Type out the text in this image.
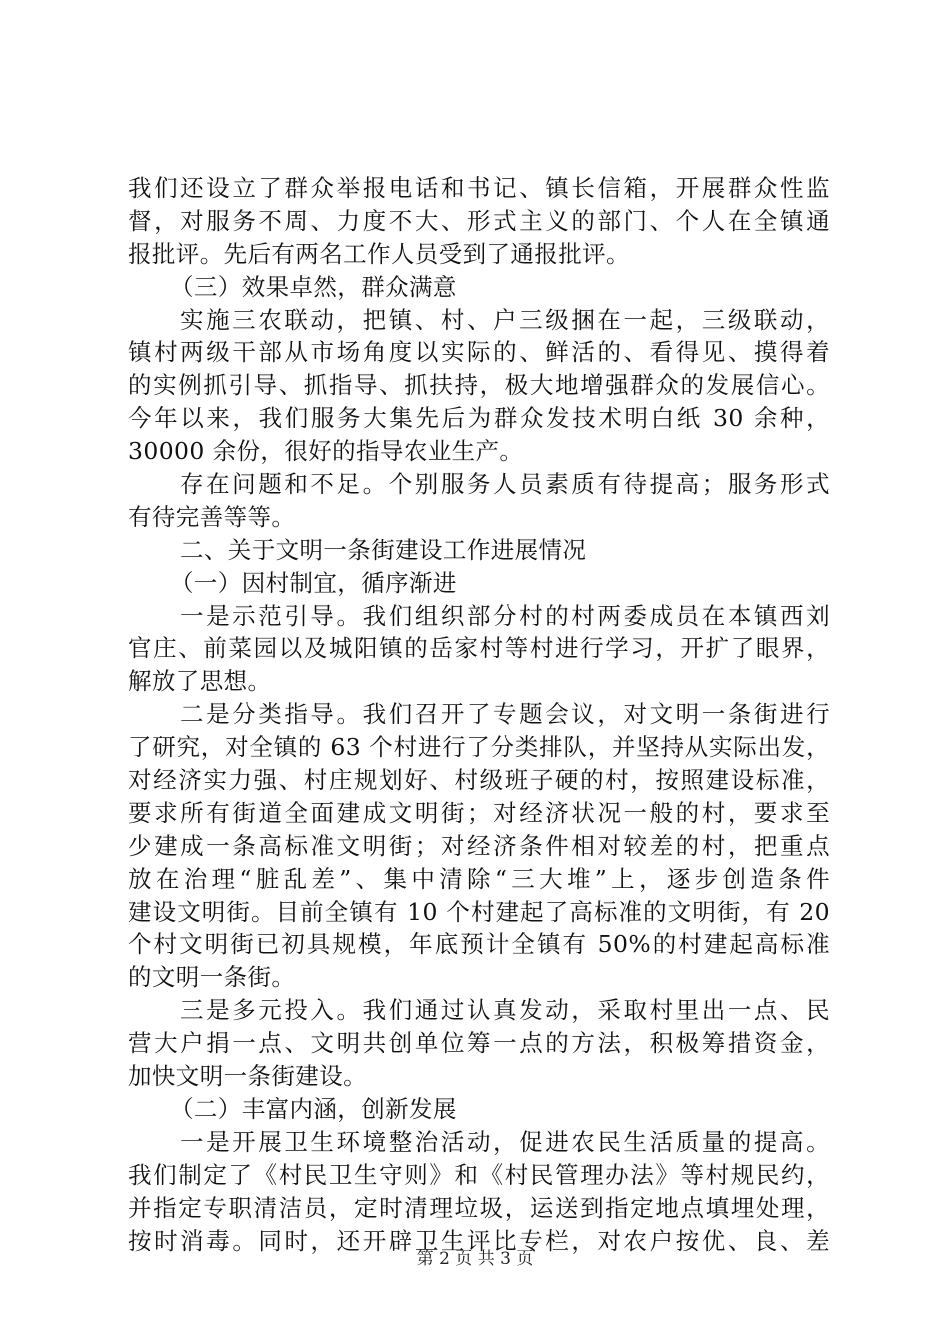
我们还设立了群众举报电话和书记、镇长信箱，开展群众性监
督，对服务不周、力度不大、形式主义的部门、个人在全镇通
报批评。先后有两名工作人员受到了通报批评。
（三）效果卓然，群众满意
实施三农联动，把镇、村、户三级捆在一起，三级联动，
镇村两级干部从市场角度以实际的、鲜活的、看得见、摸得着
的实例抓引导、抓指导、抓扶持，极大地增强群众的发展信心。
今年以来，我们服务大集先后为群众发技术明白纸 30 余种，
30000 余份，很好的指导农业生产。
存在问题和不足。个别服务人员素质有待提高；服务形式
有待完善等等。
二、关于文明一条街建设工作进展情况
（一）因村制宜，循序渐进
一是示范引导。我们组织部分村的村两委成员在本镇西刘
官庄、前菜园以及城阳镇的岳家村等村进行学习，开扩了眼界，
解放了思想。
二是分类指导。我们召开了专题会议，对文明一条街进行
了研究，对全镇的 63 个村进行了分类排队，并坚持从实际出发，
对经济实力强、村庄规划好、村级班子硬的村，按照建设标准，
要求所有街道全面建成文明街；对经济状况一般的村，要求至
少建成一条高标准文明街；对经济条件相对较差的村，把重点
放在治理“脏乱差”、集中清除“三大堆”上，逐步创造条件
建设文明街。目前全镇有 10 个村建起了高标准的文明街，有 20
个村文明街已初具规模，年底预计全镇有 50%的村建起高标准
的文明一条街。
三是多元投入。我们通过认真发动，采取村里出一点、民
营大户捐一点、文明共创单位筹一点的方法，积极筹措资金，
加快文明一条街建设。
（二）丰富内涵，创新发展
一是开展卫生环境整治活动，促进农民生活质量的提高。
我们制定了《村民卫生守则》和《村民管理办法》等村规民约，
并指定专职清洁员，定时清理垃圾，运送到指定地点填埋处理，
按时消毒。同时，还开辟卫生评比专栏，对农户按优、良、差
第 2 页 共 3 页
